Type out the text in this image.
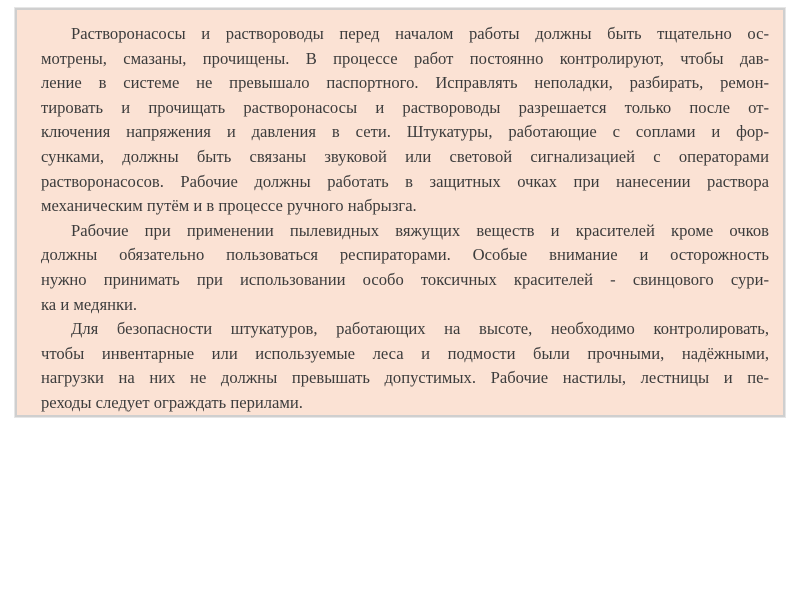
Растворонасосы и растворoводы перед началом работы должны быть тщательно ос-
мотрены, смазаны, прочищены. В процессе работ постоянно контролируют, чтобы дав-
ление в системе не превышало паспортного. Исправлять неполадки, разбирать, ремон-
тировать и прочищать растворонасосы и растворoводы разрешается только после от-
ключения напряжения и давления в сети. Штукатуры, работающие с соплами и фор-
сунками, должны быть связаны звуковой или световой сигнализацией с операторами
растворонасосов. Рабочие должны работать в защитных очках при нанесении раствора
механическим путём и в процессе ручного набрызга.

Рабочие при применении пылевидных вяжущих веществ и красителей кроме очков
должны обязательно пользоваться респираторами. Особые внимание и осторожность
нужно принимать при использовании особо токсичных красителей - свинцового сури-
ка и медянки.

Для безопасности штукатуров, работающих на высоте, необходимо контролировать,
чтобы инвентарные или используемые леса и подмости были прочными, надёжными,
нагрузки на них не должны превышать допустимых. Рабочие настилы, лестницы и пе-
реходы следует ограждать перилами.
